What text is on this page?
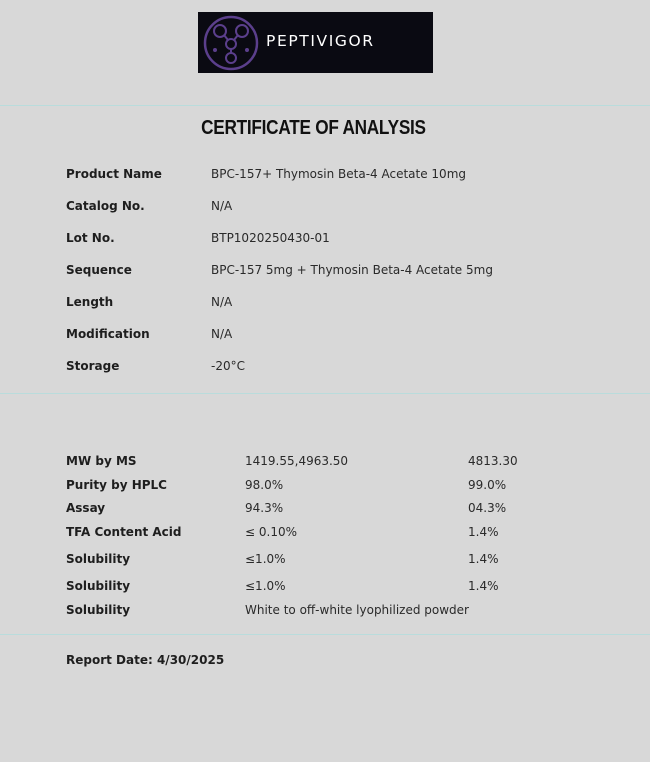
PEPTIVIGOR
CERTIFICATE OF ANALYSIS
Product Name	BPC-157+ Thymosin Beta-4 Acetate 10mg
Catalog No.	N/A
Lot No.	BTP1020250430-01
Sequence	BPC-157 5mg + Thymosin Beta-4 Acetate 5mg
Length	N/A
Modification	N/A
Storage	-20°C
MW by MS	1419.55,4963.50	4813.30
Purity by HPLC	98.0%	99.0%
Assay	94.3%	04.3%
TFA Content Acid	≤ 0.10%	1.4%
Solubility	≤1.0%	1.4%
Solubility	≤1.0%	1.4%
Solubility	White to off-white lyophilized powder
Report Date: 4/30/2025
